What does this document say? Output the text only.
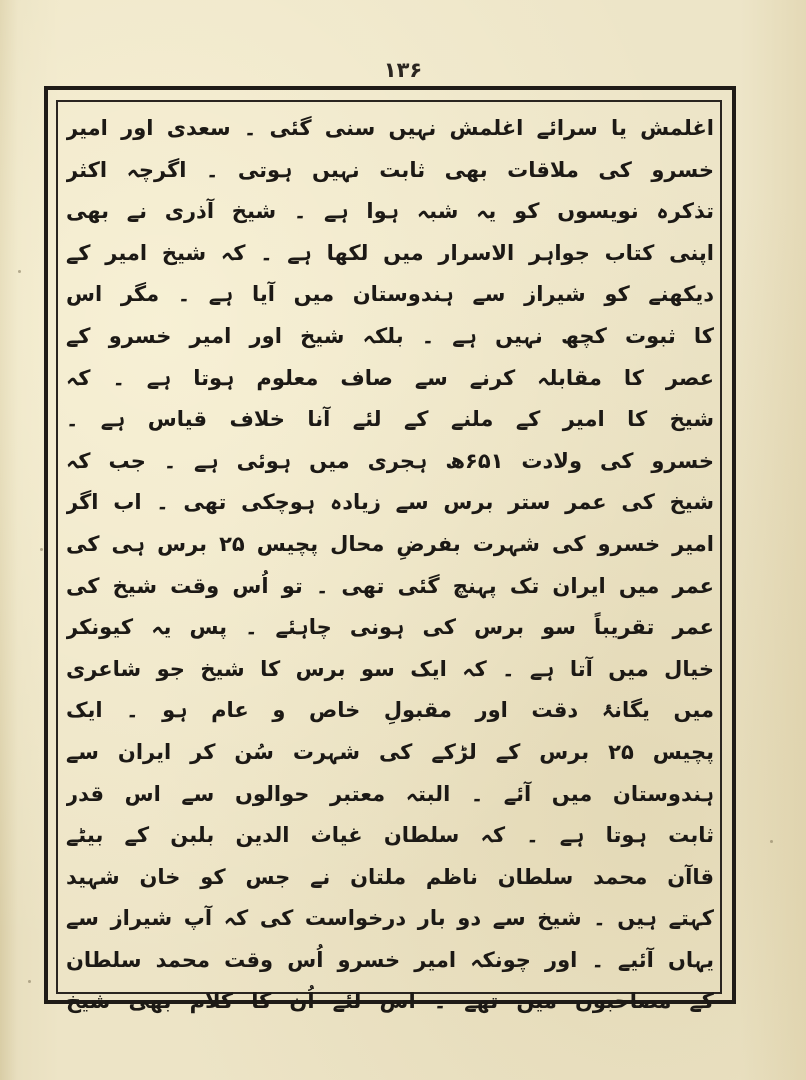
۱۳۶
اغلمش یا سرائے اغلمش نہیں سنی گئی ۔ سعدی اور امیر
خسرو کی ملاقات بھی ثابت نہیں ہوتی ۔ اگرچہ اکثر
تذکرہ نویسوں کو یہ شبہ ہوا ہے ۔ شیخ آذری نے بھی
اپنی کتاب جواہر الاسرار میں لکھا ہے ۔ کہ شیخ امیر کے
دیکھنے کو شیراز سے ہندوستان میں آیا ہے ۔ مگر اس
کا ثبوت کچھ نہیں ہے ۔ بلکہ شیخ اور امیر خسرو کے
عصر کا مقابلہ کرنے سے صاف معلوم ہوتا ہے ۔ کہ
شیخ کا امیر کے ملنے کے لئے آنا خلاف قیاس ہے ۔
خسرو کی ولادت ۶۵۱ھ ہجری میں ہوئی ہے ۔ جب کہ
شیخ کی عمر ستر برس سے زیادہ ہوچکی تھی ۔ اب اگر
امیر خسرو کی شہرت بفرضِ محال پچیس ۲۵ برس ہی کی
عمر میں ایران تک پہنچ گئی تھی ۔ تو اُس وقت شیخ کی
عمر تقریباً سو برس کی ہونی چاہئے ۔ پس یہ کیونکر
خیال میں آتا ہے ۔ کہ ایک سو برس کا شیخ جو شاعری
میں یگانۂ دقت اور مقبولِ خاص و عام ہو ۔ ایک
پچیس ۲۵ برس کے لڑکے کی شہرت سُن کر ایران سے
ہندوستان میں آئے ۔ البتہ معتبر حوالوں سے اس قدر
ثابت ہوتا ہے ۔ کہ سلطان غیاث الدین بلبن کے بیٹے
قاآن محمد سلطان ناظم ملتان نے جس کو خان شہید
کہتے ہیں ۔ شیخ سے دو بار درخواست کی کہ آپ شیراز سے
یہاں آئیے ۔ اور چونکہ امیر خسرو اُس وقت محمد سلطان
کے مصاحبوں میں تھے ۔ اس لئے اُن کا کلام بھی شیخ
